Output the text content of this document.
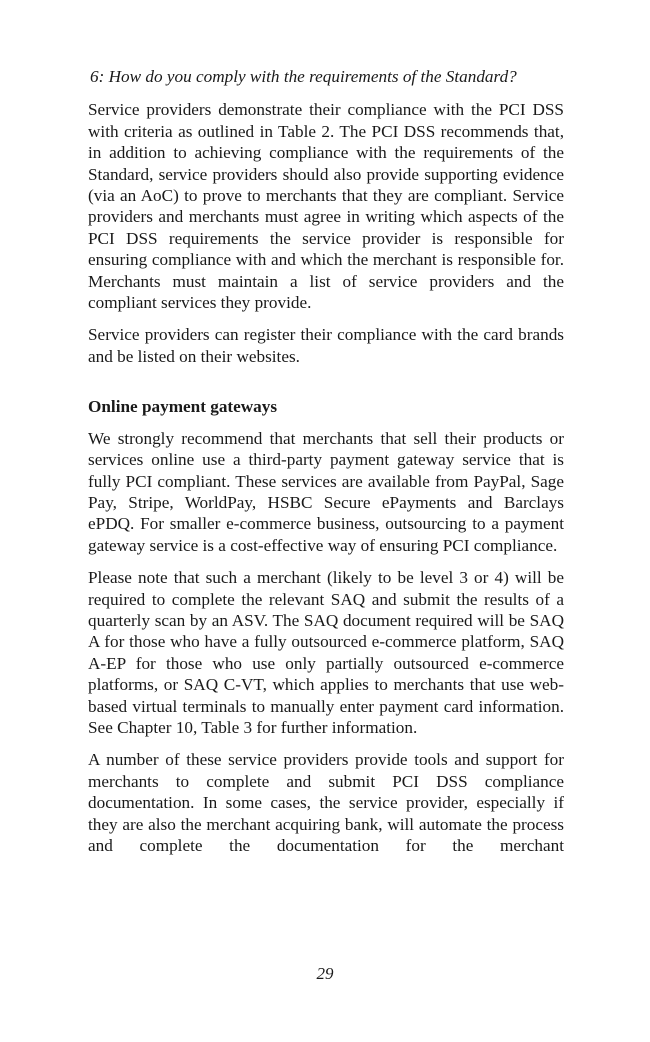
6: How do you comply with the requirements of the Standard?

Service providers demonstrate their compliance with the PCI DSS with criteria as outlined in Table 2. The PCI DSS recommends that, in addition to achieving compliance with the requirements of the Standard, service providers should also provide supporting evidence (via an AoC) to prove to merchants that they are compliant. Service providers and merchants must agree in writing which aspects of the PCI DSS requirements the service provider is responsible for ensuring compliance with and which the merchant is responsible for. Merchants must maintain a list of service providers and the compliant services they provide.

Service providers can register their compliance with the card brands and be listed on their websites.

Online payment gateways

We strongly recommend that merchants that sell their products or services online use a third-party payment gateway service that is fully PCI compliant. These services are available from PayPal, Sage Pay, Stripe, WorldPay, HSBC Secure ePayments and Barclays ePDQ. For smaller e-commerce business, outsourcing to a payment gateway service is a cost-effective way of ensuring PCI compliance.

Please note that such a merchant (likely to be level 3 or 4) will be required to complete the relevant SAQ and submit the results of a quarterly scan by an ASV. The SAQ document required will be SAQ A for those who have a fully outsourced e-commerce platform, SAQ A-EP for those who use only partially outsourced e-commerce platforms, or SAQ C-VT, which applies to merchants that use web-based virtual terminals to manually enter payment card information. See Chapter 10, Table 3 for further information.

A number of these service providers provide tools and support for merchants to complete and submit PCI DSS compliance documentation. In some cases, the service provider, especially if they are also the merchant acquiring bank, will automate the process and complete the documentation for the merchant

29
